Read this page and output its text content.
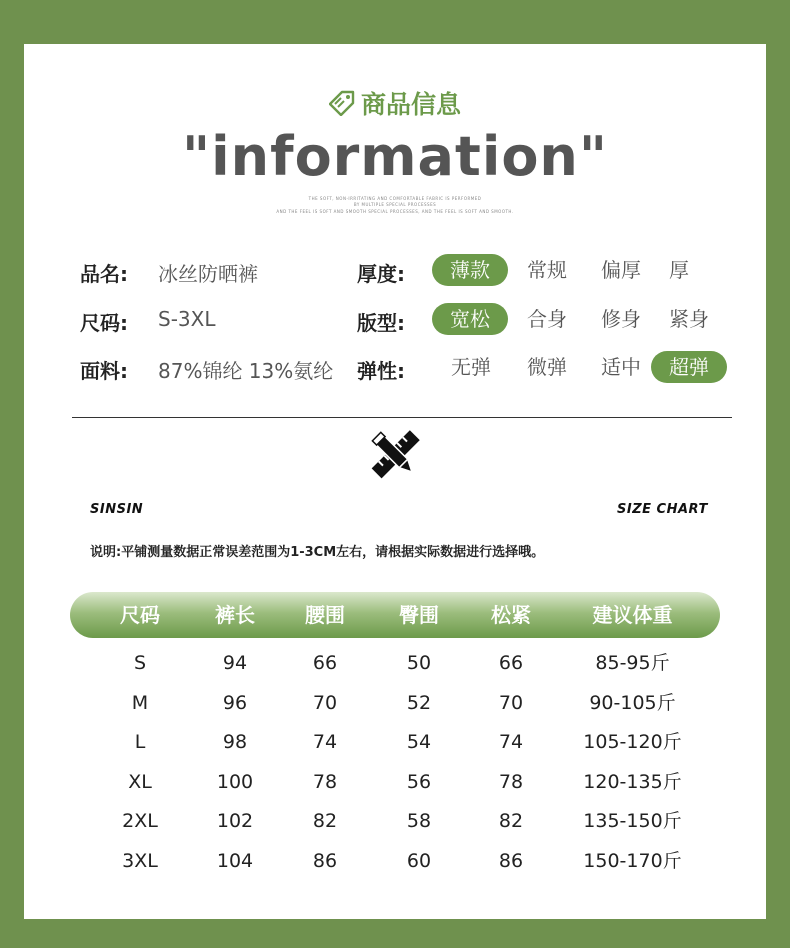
商品信息
"information"
THE SOFT, NON-IRRITATING AND COMFORTABLE FABRIC IS PERFORMED
BY MULTIPLE SPECIAL PROCESSES
AND THE FEEL IS SOFT AND SMOOTH SPECIAL PROCESSES, AND THE FEEL IS SOFT AND SMOOTH.
品名: 冰丝防晒裤
尺码: S-3XL
面料: 87%锦纶 13%氨纶
厚度:	薄款	常规	偏厚	厚
版型:	宽松	合身	修身	紧身
弹性:	无弹	微弹	适中	超弹
SINSIN	SIZE CHART
说明:平铺测量数据正常误差范围为1-3CM左右，请根据实际数据进行选择哦。
尺码	裤长	腰围	臀围	松紧	建议体重
S	94	66	50	66	85-95斤
M	96	70	52	70	90-105斤
L	98	74	54	74	105-120斤
XL	100	78	56	78	120-135斤
2XL	102	82	58	82	135-150斤
3XL	104	86	60	86	150-170斤
